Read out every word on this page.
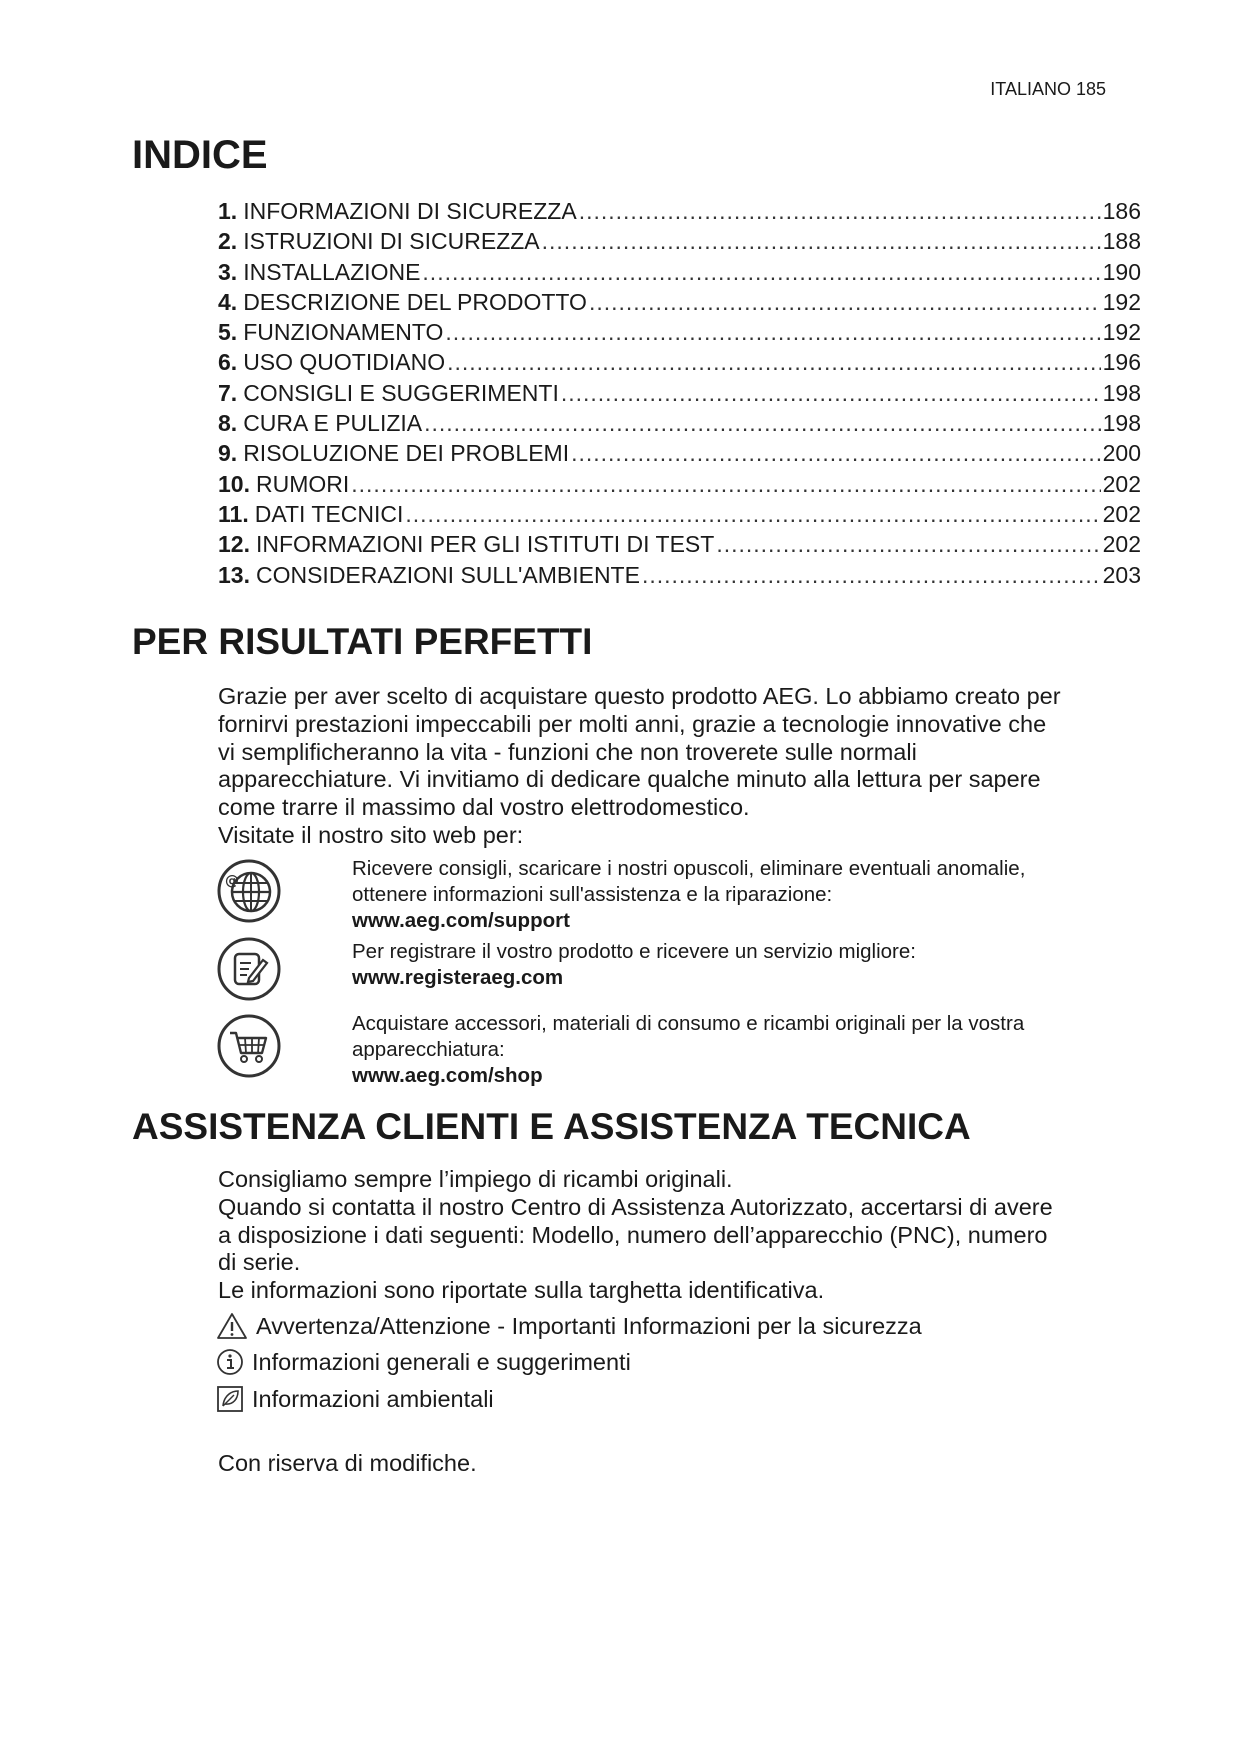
ITALIANO 185
INDICE
1. INFORMAZIONI DI SICUREZZA .....	186
2. ISTRUZIONI DI SICUREZZA .....	188
3. INSTALLAZIONE .....	190
4. DESCRIZIONE DEL PRODOTTO .....	192
5. FUNZIONAMENTO .....	192
6. USO QUOTIDIANO .....	196
7. CONSIGLI E SUGGERIMENTI .....	198
8. CURA E PULIZIA .....	198
9. RISOLUZIONE DEI PROBLEMI .....	200
10. RUMORI .....	202
11. DATI TECNICI .....	202
12. INFORMAZIONI PER GLI ISTITUTI DI TEST .....	202
13. CONSIDERAZIONI SULL'AMBIENTE .....	203
PER RISULTATI PERFETTI

Grazie per aver scelto di acquistare questo prodotto AEG. Lo abbiamo creato per
fornirvi prestazioni impeccabili per molti anni, grazie a tecnologie innovative che
vi semplificheranno la vita - funzioni che non troverete sulle normali
apparecchiature. Vi invitiamo di dedicare qualche minuto alla lettura per sapere
come trarre il massimo dal vostro elettrodomestico.

Visitate il nostro sito web per:

@
Ricevere consigli, scaricare i nostri opuscoli, eliminare eventuali anomalie,
ottenere informazioni sull'assistenza e la riparazione:
www.aeg.com/support
Per registrare il vostro prodotto e ricevere un servizio migliore:
www.registeraeg.com
Acquistare accessori, materiali di consumo e ricambi originali per la vostra
apparecchiatura:
www.aeg.com/shop
ASSISTENZA CLIENTI E ASSISTENZA TECNICA

Consigliamo sempre l’impiego di ricambi originali.
Quando si contatta il nostro Centro di Assistenza Autorizzato, accertarsi di avere
a disposizione i dati seguenti: Modello, numero dell’apparecchio (PNC), numero
di serie.
Le informazioni sono riportate sulla targhetta identificativa.

Avvertenza/Attenzione - Importanti Informazioni per la sicurezza

Informazioni generali e suggerimenti

Informazioni ambientali

Con riserva di modifiche.
